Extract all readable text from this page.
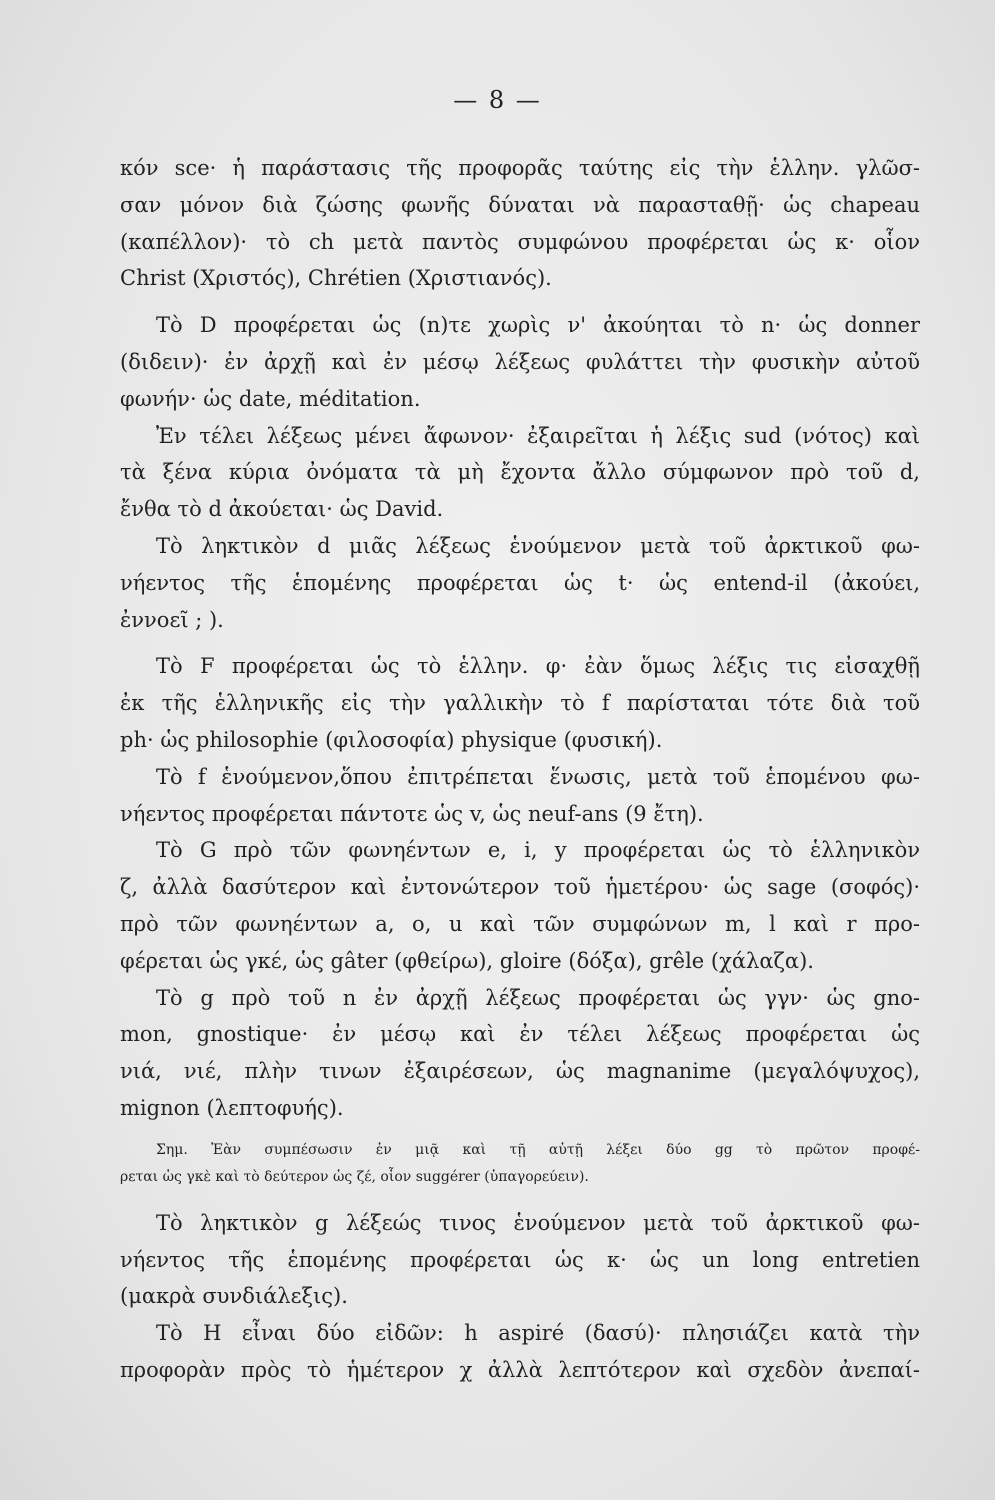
— 8 —
κόν sce· ἡ παράστασις τῆς προφορᾶς ταύτης εἰς τὴν ἑλλην. γλῶσ-
σαν μόνον διὰ ζώσης φωνῆς δύναται νὰ παρασταθῇ· ὡς chapeau
(καπέλλον)· τὸ ch μετὰ παντὸς συμφώνου προφέρεται ὡς κ· οἷον
Christ (Χριστός), Chrétien (Χριστιανός).
Τὸ D προφέρεται ὡς (n)τε χωρὶς ν' ἀκούηται τὸ n· ὡς donner
(διδειν)· ἐν ἀρχῇ καὶ ἐν μέσῳ λέξεως φυλάττει τὴν φυσικὴν αὐτοῦ
φωνήν· ὡς date, méditation.
Ἐν τέλει λέξεως μένει ἄφωνον· ἐξαιρεῖται ἡ λέξις sud (νότος) καὶ
τὰ ξένα κύρια ὀνόματα τὰ μὴ ἔχοντα ἄλλο σύμφωνον πρὸ τοῦ d,
ἔνθα τὸ d ἀκούεται· ὡς David.
Τὸ ληκτικὸν d μιᾶς λέξεως ἑνούμενον μετὰ τοῦ ἀρκτικοῦ φω-
νήεντος τῆς ἑπομένης προφέρεται ὡς t· ὡς entend-il (ἀκούει,
ἐννοεῖ ; ).
Τὸ F προφέρεται ὡς τὸ ἑλλην. φ· ἐὰν ὅμως λέξις τις εἰσαχθῇ
ἐκ τῆς ἑλληνικῆς εἰς τὴν γαλλικὴν τὸ f παρίσταται τότε διὰ τοῦ
ph· ὡς philosophie (φιλοσοφία) physique (φυσική).
Τὸ f ἑνούμενον,ὅπου ἐπιτρέπεται ἕνωσις, μετὰ τοῦ ἑπομένου φω-
νήεντος προφέρεται πάντοτε ὡς v, ὡς neuf-ans (9 ἔτη).
Τὸ G πρὸ τῶν φωνηέντων e, i, y προφέρεται ὡς τὸ ἑλληνικὸν
ζ, ἀλλὰ δασύτερον καὶ ἐντονώτερον τοῦ ἡμετέρου· ὡς sage (σοφός)·
πρὸ τῶν φωνηέντων a, o, u καὶ τῶν συμφώνων m, l καὶ r προ-
φέρεται ὡς γκέ, ὡς gâter (φθείρω), gloire (δόξα), grêle (χάλαζα).
Τὸ g πρὸ τοῦ n ἐν ἀρχῇ λέξεως προφέρεται ὡς γγν· ὡς gno-
mon, gnostique· ἐν μέσῳ καὶ ἐν τέλει λέξεως προφέρεται ὡς
νιά, νιέ, πλὴν τινων ἐξαιρέσεων, ὡς magnanime (μεγαλόψυχος),
mignon (λεπτοφυής).
Σημ. Ἐὰν συμπέσωσιν ἐν μιᾷ καὶ τῇ αὐτῇ λέξει δύο gg τὸ πρῶτον προφέ-
ρεται ὡς γκὲ καὶ τὸ δεύτερον ὡς ζέ, οἷον suggérer (ὑπαγορεύειν).
Τὸ ληκτικὸν g λέξεώς τινος ἑνούμενον μετὰ τοῦ ἀρκτικοῦ φω-
νήεντος τῆς ἑπομένης προφέρεται ὡς κ· ὡς un long entretien
(μακρὰ συνδιάλεξις).
Τὸ H εἶναι δύο εἰδῶν: h aspiré (δασύ)· πλησιάζει κατὰ τὴν
προφορὰν πρὸς τὸ ἡμέτερον χ ἀλλὰ λεπτότερον καὶ σχεδὸν ἀνεπαί-
